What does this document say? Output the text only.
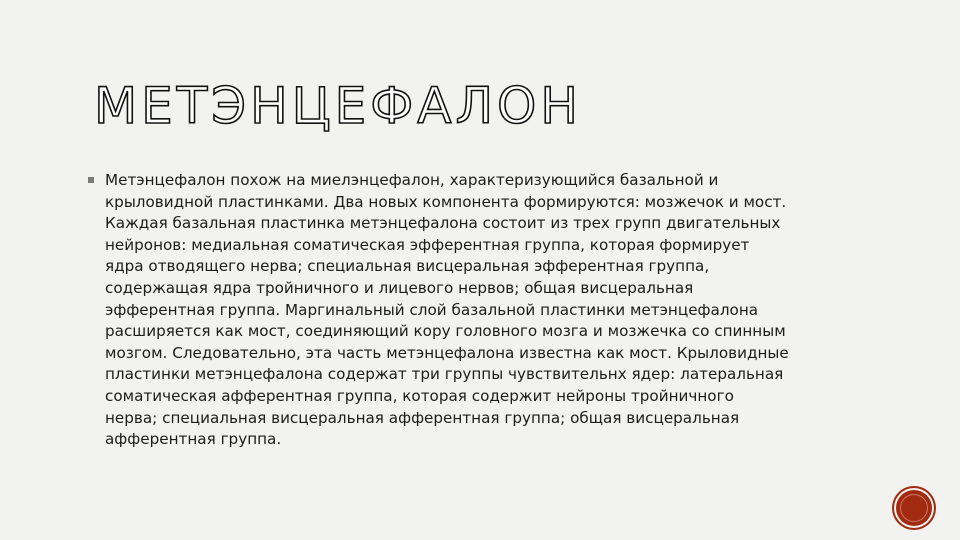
МЕТЭНЦЕФАЛОН

Метэнцефалон похож на миелэнцефалон, характеризующийся базальной и
крыловидной пластинками. Два новых компонента формируются: мозжечок и мост.
Каждая базальная пластинка метэнцефалона состоит из трех групп двигательных
нейронов: медиальная соматическая эфферентная группа, которая формирует
ядра отводящего нерва; специальная висцеральная эфферентная группа,
содержащая ядра тройничного и лицевого нервов; общая висцеральная
эфферентная группа. Маргинальный слой базальной пластинки метэнцефалона
расширяется как мост, соединяющий кору головного мозга и мозжечка со спинным
мозгом. Следовательно, эта часть метэнцефалона известна как мост. Крыловидные
пластинки метэнцефалона содержат три группы чувствительнх ядер: латеральная
соматическая афферентная группа, которая содержит нейроны тройничного
нерва; специальная висцеральная афферентная группа; общая висцеральная
афферентная группа.
